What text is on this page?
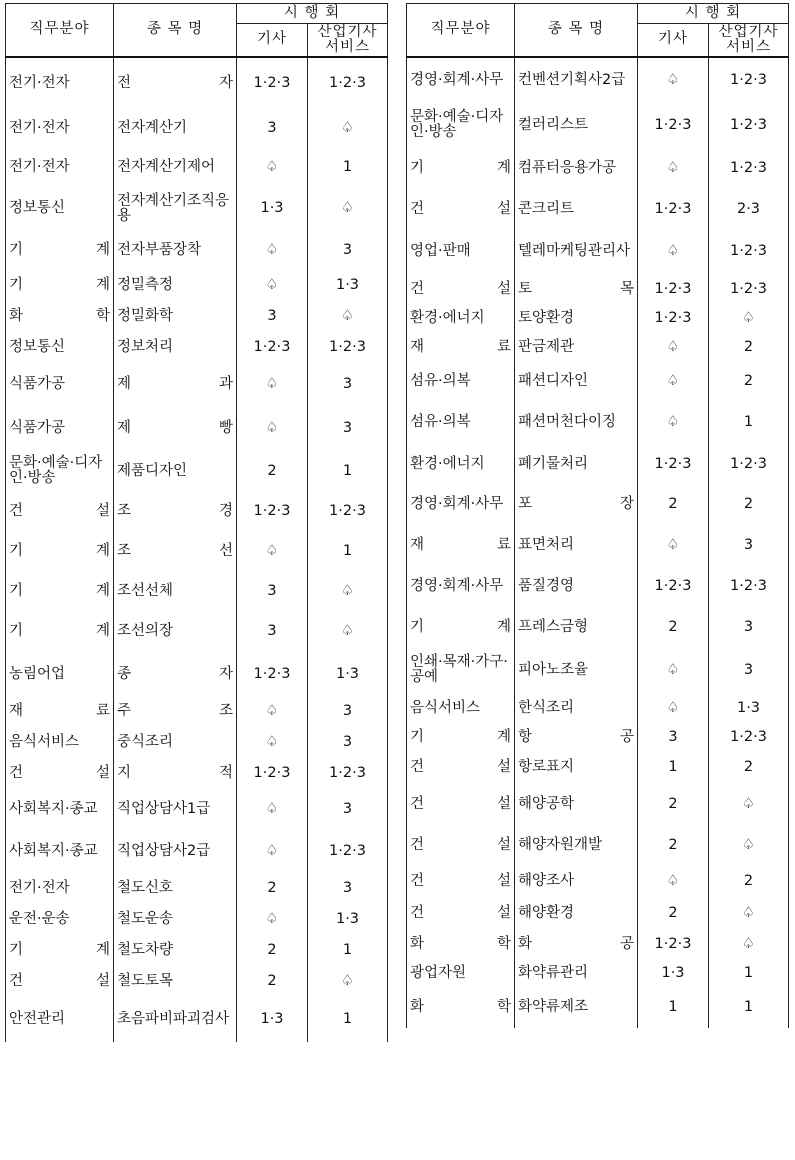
직무분야	종 목 명	시 행 회	
		기사	산업기사
서비스
전기·전자	전 자	1·2·3	1·2·3
전기·전자	전자계산기	3	♤
전기·전자	전자계산기제어	♤	1
정보통신	전자계산기조직응용	1·3	♤
기 계	전자부품장착	♤	3
기 계	정밀측정	♤	1·3
화 학	정밀화학	3	♤
정보통신	정보처리	1·2·3	1·2·3
식품가공	제 과	♤	3
식품가공	제 빵	♤	3
문화·예술·디자인·방송	제품디자인	2	1
건 설	조 경	1·2·3	1·2·3
기 계	조 선	♤	1
기 계	조선선체	3	♤
기 계	조선의장	3	♤
농림어업	종 자	1·2·3	1·3
재 료	주 조	♤	3
음식서비스	중식조리	♤	3
건 설	지 적	1·2·3	1·2·3
사회복지·종교	직업상담사1급	♤	3
사회복지·종교	직업상담사2급	♤	1·2·3
전기·전자	철도신호	2	3
운전·운송	철도운송	♤	1·3
기 계	철도차량	2	1
건 설	철도토목	2	♤
안전관리	초음파비파괴검사	1·3	1
직무분야	종 목 명	시 행 회	
		기사	산업기사
서비스
경영·회계·사무	컨벤션기획사2급	♤	1·2·3
문화·예술·디자인·방송	컬러리스트	1·2·3	1·2·3
기 계	컴퓨터응용가공	♤	1·2·3
건 설	콘크리트	1·2·3	2·3
영업·판매	텔레마케팅관리사	♤	1·2·3
건 설	토 목	1·2·3	1·2·3
환경·에너지	토양환경	1·2·3	♤
재 료	판금제관	♤	2
섬유·의복	패션디자인	♤	2
섬유·의복	패션머천다이징	♤	1
환경·에너지	폐기물처리	1·2·3	1·2·3
경영·회계·사무	포 장	2	2
재 료	표면처리	♤	3
경영·회계·사무	품질경영	1·2·3	1·2·3
기 계	프레스금형	2	3
인쇄·목재·가구·공예	피아노조율	♤	3
음식서비스	한식조리	♤	1·3
기 계	항 공	3	1·2·3
건 설	항로표지	1	2
건 설	해양공학	2	♤
건 설	해양자원개발	2	♤
건 설	해양조사	♤	2
건 설	해양환경	2	♤
화 학	화 공	1·2·3	♤
광업자원	화약류관리	1·3	1
화 학	화약류제조	1	1
